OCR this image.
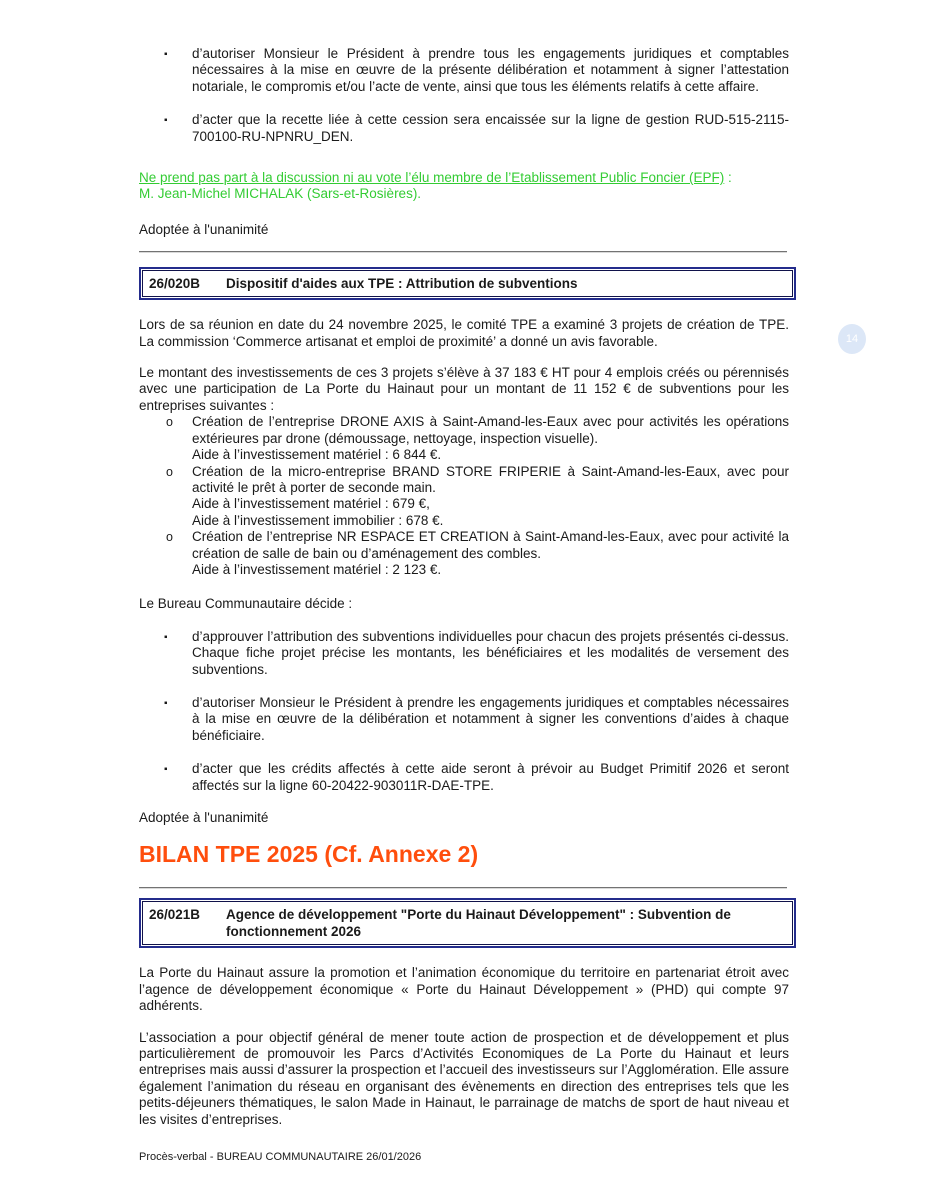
14
▪ d’autoriser Monsieur le Président à prendre tous les engagements juridiques et comptables nécessaires à la mise en œuvre de la présente délibération et notamment à signer l’attestation notariale, le compromis et/ou l’acte de vente, ainsi que tous les éléments relatifs à cette affaire.
▪ d’acter que la recette liée à cette cession sera encaissée sur la ligne de gestion RUD-515-2115-700100-RU-NPNRU_DEN.

Ne prend pas part à la discussion ni au vote l’élu membre de l’Etablissement Public Foncier (EPF) :
M. Jean-Michel MICHALAK (Sars-et-Rosières).

Adoptée à l'unanimité

26/020B	Dispositif d'aides aux TPE : Attribution de subventions

Lors de sa réunion en date du 24 novembre 2025, le comité TPE a examiné 3 projets de création de TPE. La commission ‘Commerce artisanat et emploi de proximité’ a donné un avis favorable.

Le montant des investissements de ces 3 projets s’élève à 37 183 € HT pour 4 emplois créés ou pérennisés avec une participation de La Porte du Hainaut pour un montant de 11 152 € de subventions pour les entreprises suivantes :

o Création de l’entreprise DRONE AXIS à Saint-Amand-les-Eaux avec pour activités les opérations extérieures par drone (démoussage, nettoyage, inspection visuelle).
Aide à l’investissement matériel : 6 844 €.
o Création de la micro-entreprise BRAND STORE FRIPERIE à Saint-Amand-les-Eaux, avec pour activité le prêt à porter de seconde main.
Aide à l’investissement matériel : 679 €,
Aide à l’investissement immobilier : 678 €.
o Création de l’entreprise NR ESPACE ET CREATION à Saint-Amand-les-Eaux, avec pour activité la création de salle de bain ou d’aménagement des combles.
Aide à l’investissement matériel : 2 123 €.

Le Bureau Communautaire décide :

▪ d’approuver l’attribution des subventions individuelles pour chacun des projets présentés ci-dessus. Chaque fiche projet précise les montants, les bénéficiaires et les modalités de versement des subventions.
▪ d’autoriser Monsieur le Président à prendre les engagements juridiques et comptables nécessaires à la mise en œuvre de la délibération et notamment à signer les conventions d’aides à chaque bénéficiaire.
▪ d’acter que les crédits affectés à cette aide seront à prévoir au Budget Primitif 2026 et seront affectés sur la ligne 60-20422-903011R-DAE-TPE.

Adoptée à l'unanimité

BILAN TPE 2025 (Cf. Annexe 2)
26/021B	Agence de développement "Porte du Hainaut Développement" : Subvention de fonctionnement 2026

La Porte du Hainaut assure la promotion et l’animation économique du territoire en partenariat étroit avec l’agence de développement économique « Porte du Hainaut Développement » (PHD) qui compte 97 adhérents.

L’association a pour objectif général de mener toute action de prospection et de développement et plus particulièrement de promouvoir les Parcs d’Activités Economiques de La Porte du Hainaut et leurs entreprises mais aussi d’assurer la prospection et l’accueil des investisseurs sur l’Agglomération. Elle assure également l’animation du réseau en organisant des évènements en direction des entreprises tels que les petits-déjeuners thématiques, le salon Made in Hainaut, le parrainage de matchs de sport de haut niveau et les visites d’entreprises.

Procès-verbal - BUREAU COMMUNAUTAIRE 26/01/2026
